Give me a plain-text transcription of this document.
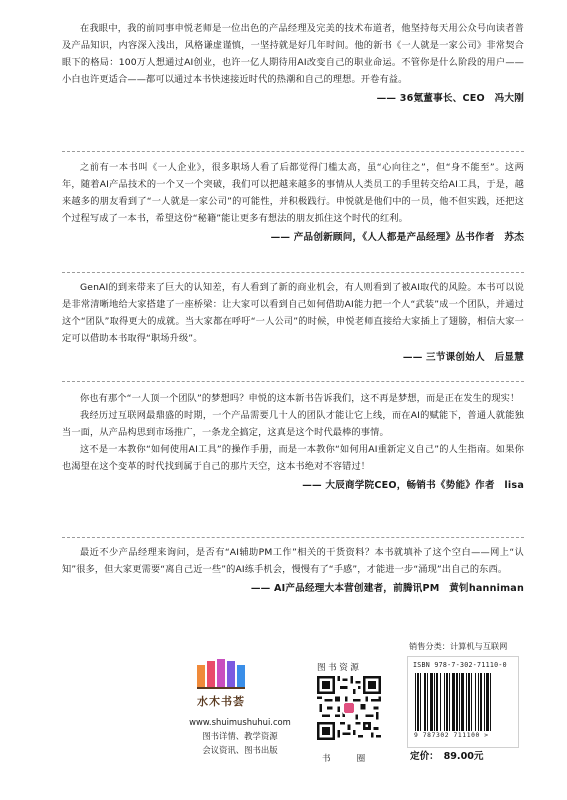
在我眼中，我的前同事申悦老师是一位出色的产品经理及完美的技术布道者，他坚持每天用公众号向读者普及产品知识，内容深入浅出，风格谦虚谨慎，一坚持就是好几年时间。他的新书《一人就是一家公司》非常契合眼下的格局：100万人想通过AI创业，也许一亿人期待用AI改变自己的职业命运。不管你是什么阶段的用户——小白也许更适合——都可以通过本书快速接近时代的热潮和自己的理想。开卷有益。

—— 36氪董事长、CEO　冯大刚

之前有一本书叫《一人企业》，很多职场人看了后都觉得门槛太高，虽“心向往之”，但“身不能至”。这两年，随着AI产品技术的一个又一个突破，我们可以把越来越多的事情从人类员工的手里转交给AI工具，于是，越来越多的朋友看到了“一人就是一家公司”的可能性，并积极践行。申悦就是他们中的一员，他不但实践，还把这个过程写成了一本书，希望这份“秘籍”能让更多有想法的朋友抓住这个时代的红利。

—— 产品创新顾问，《人人都是产品经理》丛书作者　苏杰

GenAI的到来带来了巨大的认知差，有人看到了新的商业机会，有人则看到了被AI取代的风险。本书可以说是非常清晰地给大家搭建了一座桥梁：让大家可以看到自己如何借助AI能力把一个人“武装”成一个团队，并通过这个“团队”取得更大的成就。当大家都在呼吁“一人公司”的时候，申悦老师直接给大家插上了翅膀，相信大家一定可以借助本书取得“职场升级”。

—— 三节课创始人　后显慧

你也有那个“一人顶一个团队”的梦想吗？申悦的这本新书告诉我们，这不再是梦想，而是正在发生的现实！

我经历过互联网最鼎盛的时期，一个产品需要几十人的团队才能让它上线，而在AI的赋能下，普通人就能独当一面，从产品构思到市场推广，一条龙全搞定，这真是这个时代最棒的事情。

这不是一本教你“如何使用AI工具”的操作手册，而是一本教你“如何用AI重新定义自己”的人生指南。如果你也渴望在这个变革的时代找到属于自己的那片天空，这本书绝对不容错过！

—— 大辰商学院CEO，畅销书《势能》作者　lisa

最近不少产品经理来询问，是否有“AI辅助PM工作”相关的干货资料？本书就填补了这个空白——网上“认知”很多，但大家更需要“离自己近一些”的AI练手机会，慢慢有了“手感”，才能进一步“涌现”出自己的东西。

—— AI产品经理大本营创建者，前腾讯PM　黄钊hanniman

水木书荟
www.shuimushuhui.com
图书详情、教学资源
会议资讯、图书出版
图书资源
书圈
销售分类：计算机与互联网
ISBN 978-7-302-71110-0
9 787302 711100 >
定价：　89.00元
